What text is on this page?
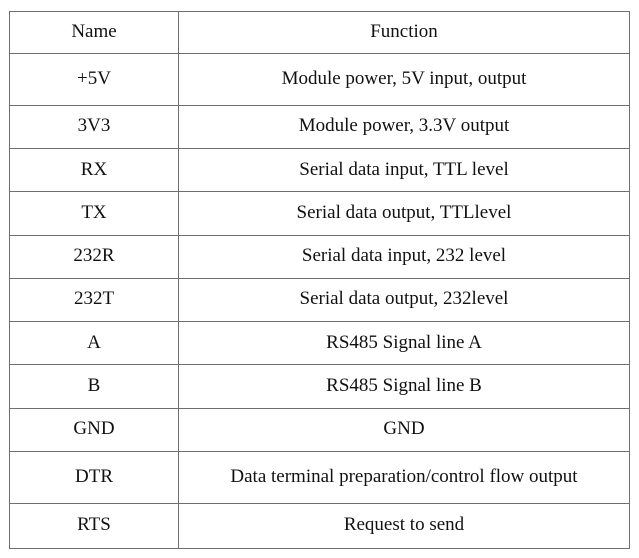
Name	Function
+5V	Module power, 5V input, output
3V3	Module power, 3.3V output
RX	Serial data input, TTL level
TX	Serial data output, TTLlevel
232R	Serial data input, 232 level
232T	Serial data output, 232level
A	RS485 Signal line A
B	RS485 Signal line B
GND	GND
DTR	Data terminal preparation/control flow output
RTS	Request to send
